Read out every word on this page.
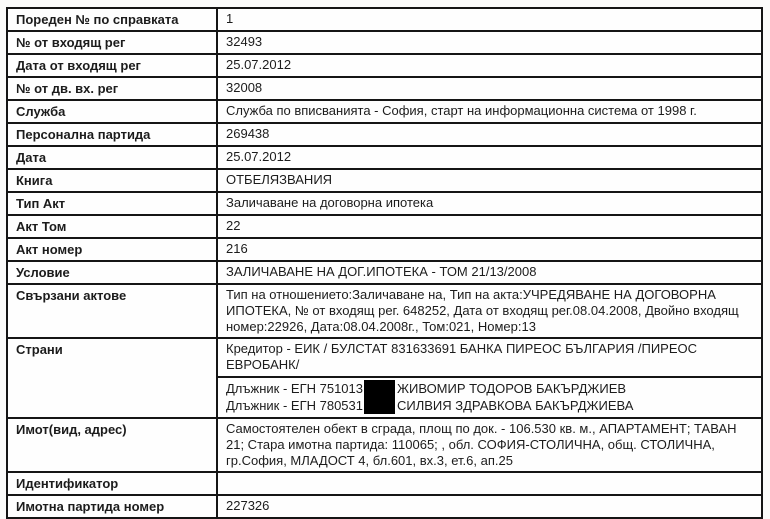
Пореден № по справката	1
№ от входящ рег	32493
Дата от входящ рег	25.07.2012
№ от дв. вх. рег	32008
Служба	Служба по вписванията - София, старт на информационна система от 1998 г.
Персонална партида	269438
Дата	25.07.2012
Книга	ОТБЕЛЯЗВАНИЯ
Тип Акт	Заличаване на договорна ипотека
Акт Том	22
Акт номер	216
Условие	ЗАЛИЧАВАНЕ НА ДОГ.ИПОТЕКА - ТОМ 21/13/2008
Свързани актове	Тип на отношението:Заличаване на, Тип на акта:УЧРЕДЯВАНЕ НА ДОГОВОРНА ИПОТЕКА, № от входящ рег. 648252, Дата от входящ рег.08.04.2008, Двойно входящ номер:22926, Дата:08.04.2008г., Том:021, Номер:13
Страни	Кредитор - ЕИК / БУЛСТАТ 831633691 БАНКА ПИРЕОС БЪЛГАРИЯ /ПИРЕОС ЕВРОБАНК/
Длъжник - ЕГН 751013 ЖИВОМИР ТОДОРОВ БАКЪРДЖИЕВ
Длъжник - ЕГН 780531 СИЛВИЯ ЗДРАВКОВА БАКЪРДЖИЕВА

Имот(вид, адрес)	Самостоятелен обект в сграда, площ по док. - 106.530 кв. м., АПАРТАМЕНТ; ТАВАН 21; Стара имотна партида: 110065; , обл. СОФИЯ-СТОЛИЧНА, общ. СТОЛИЧНА, гр.София, МЛАДОСТ 4, бл.601, вх.3, ет.6, ап.25
Идентификатор	
Имотна партида номер	227326
